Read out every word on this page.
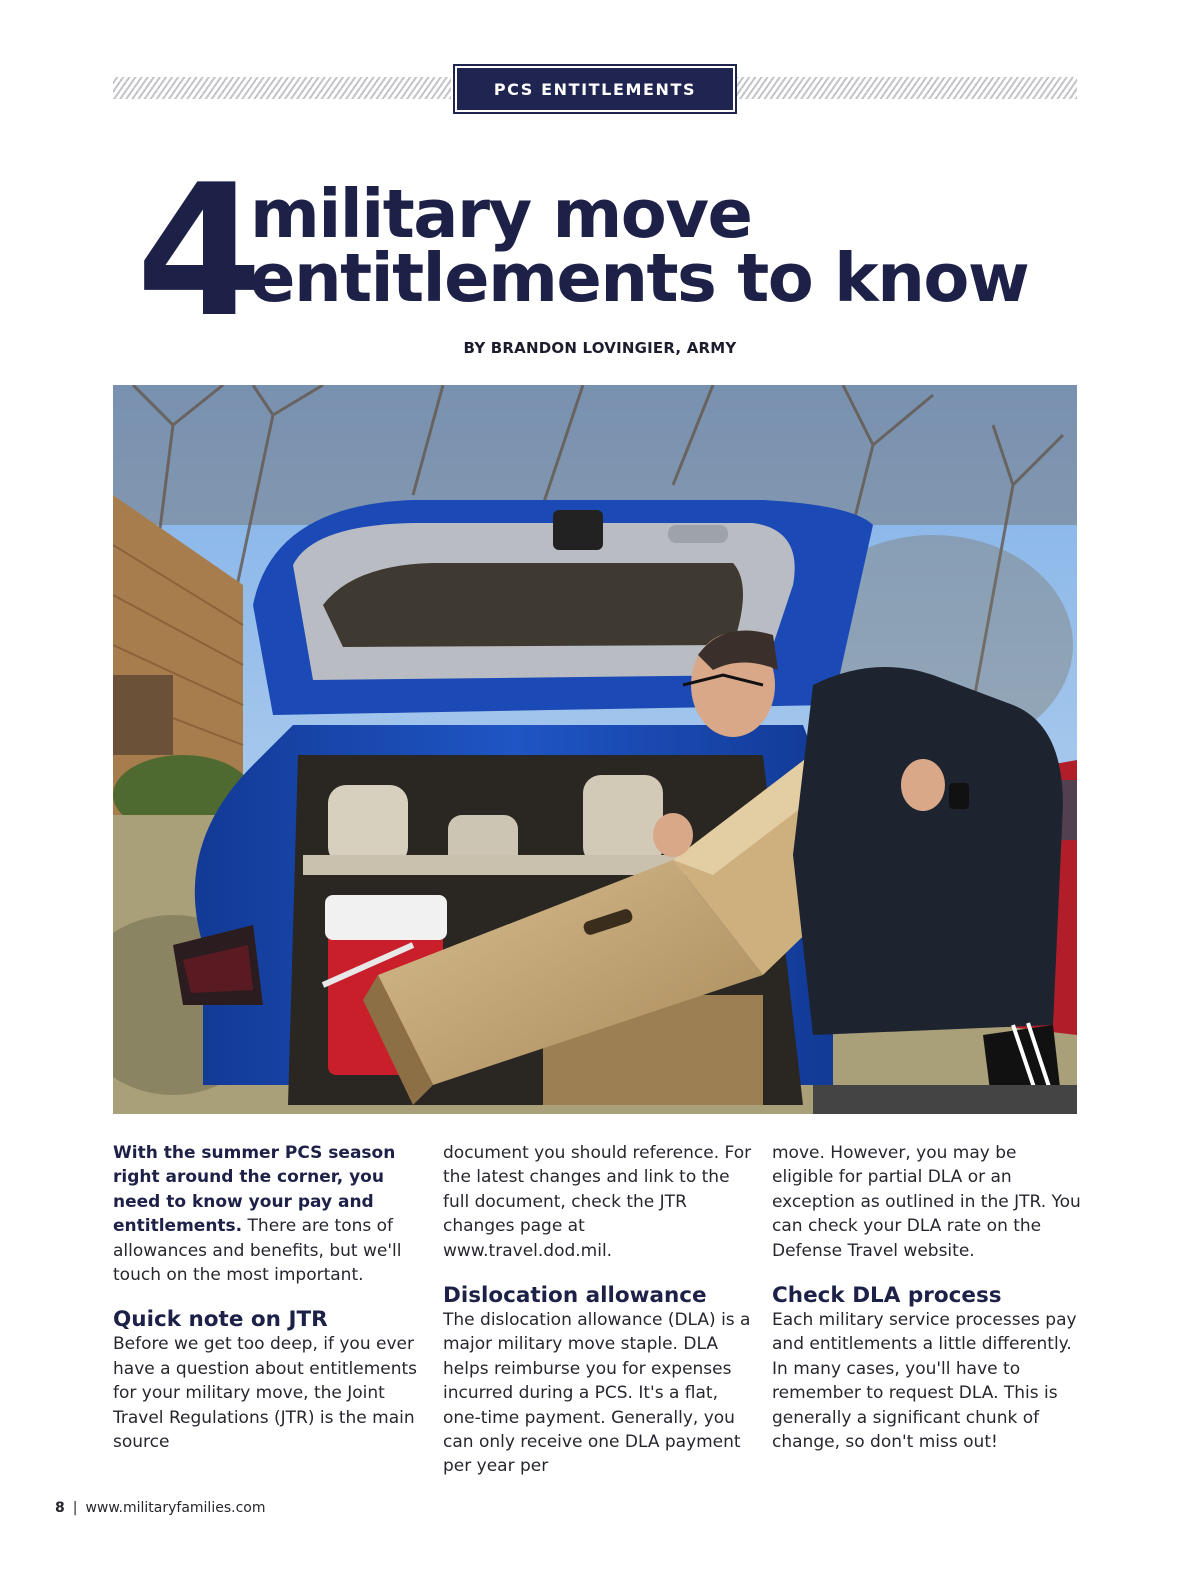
PCS ENTITLEMENTS
4
military move
entitlements to know
BY BRANDON LOVINGIER, ARMY

With the summer PCS season right around the corner, you need to know your pay and entitlements. There are tons of allowances and benefits, but we'll touch on the most important.

Quick note on JTR

Before we get too deep, if you ever have a question about entitlements for your military move, the Joint Travel Regulations (JTR) is the main source

document you should reference. For the latest changes and link to the full document, check the JTR changes page at www.travel.dod.mil.

Dislocation allowance

The dislocation allowance (DLA) is a major military move staple. DLA helps reimburse you for expenses incurred during a PCS. It's a flat, one-time payment. Generally, you can only receive one DLA payment per year per

move. However, you may be eligible for partial DLA or an exception as outlined in the JTR. You can check your DLA rate on the Defense Travel website.

Check DLA process

Each military service processes pay and entitlements a little differently. In many cases, you'll have to remember to request DLA. This is generally a significant chunk of change, so don't miss out!

8 | www.militaryfamilies.com
